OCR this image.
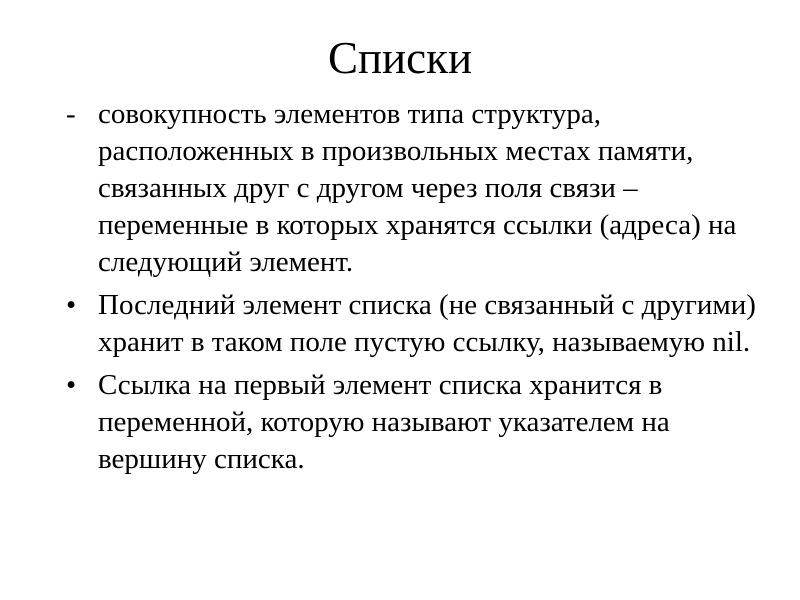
Списки
- совокупность элементов типа структура, расположенных в произвольных местах памяти, связанных друг с другом через поля связи – переменные в которых хранятся ссылки (адреса) на следующий элемент.
• Последний элемент списка (не связанный с другими) хранит в таком поле пустую ссылку, называемую nil.
• Ссылка на первый элемент списка хранится в переменной, которую называют указателем на вершину списка.
